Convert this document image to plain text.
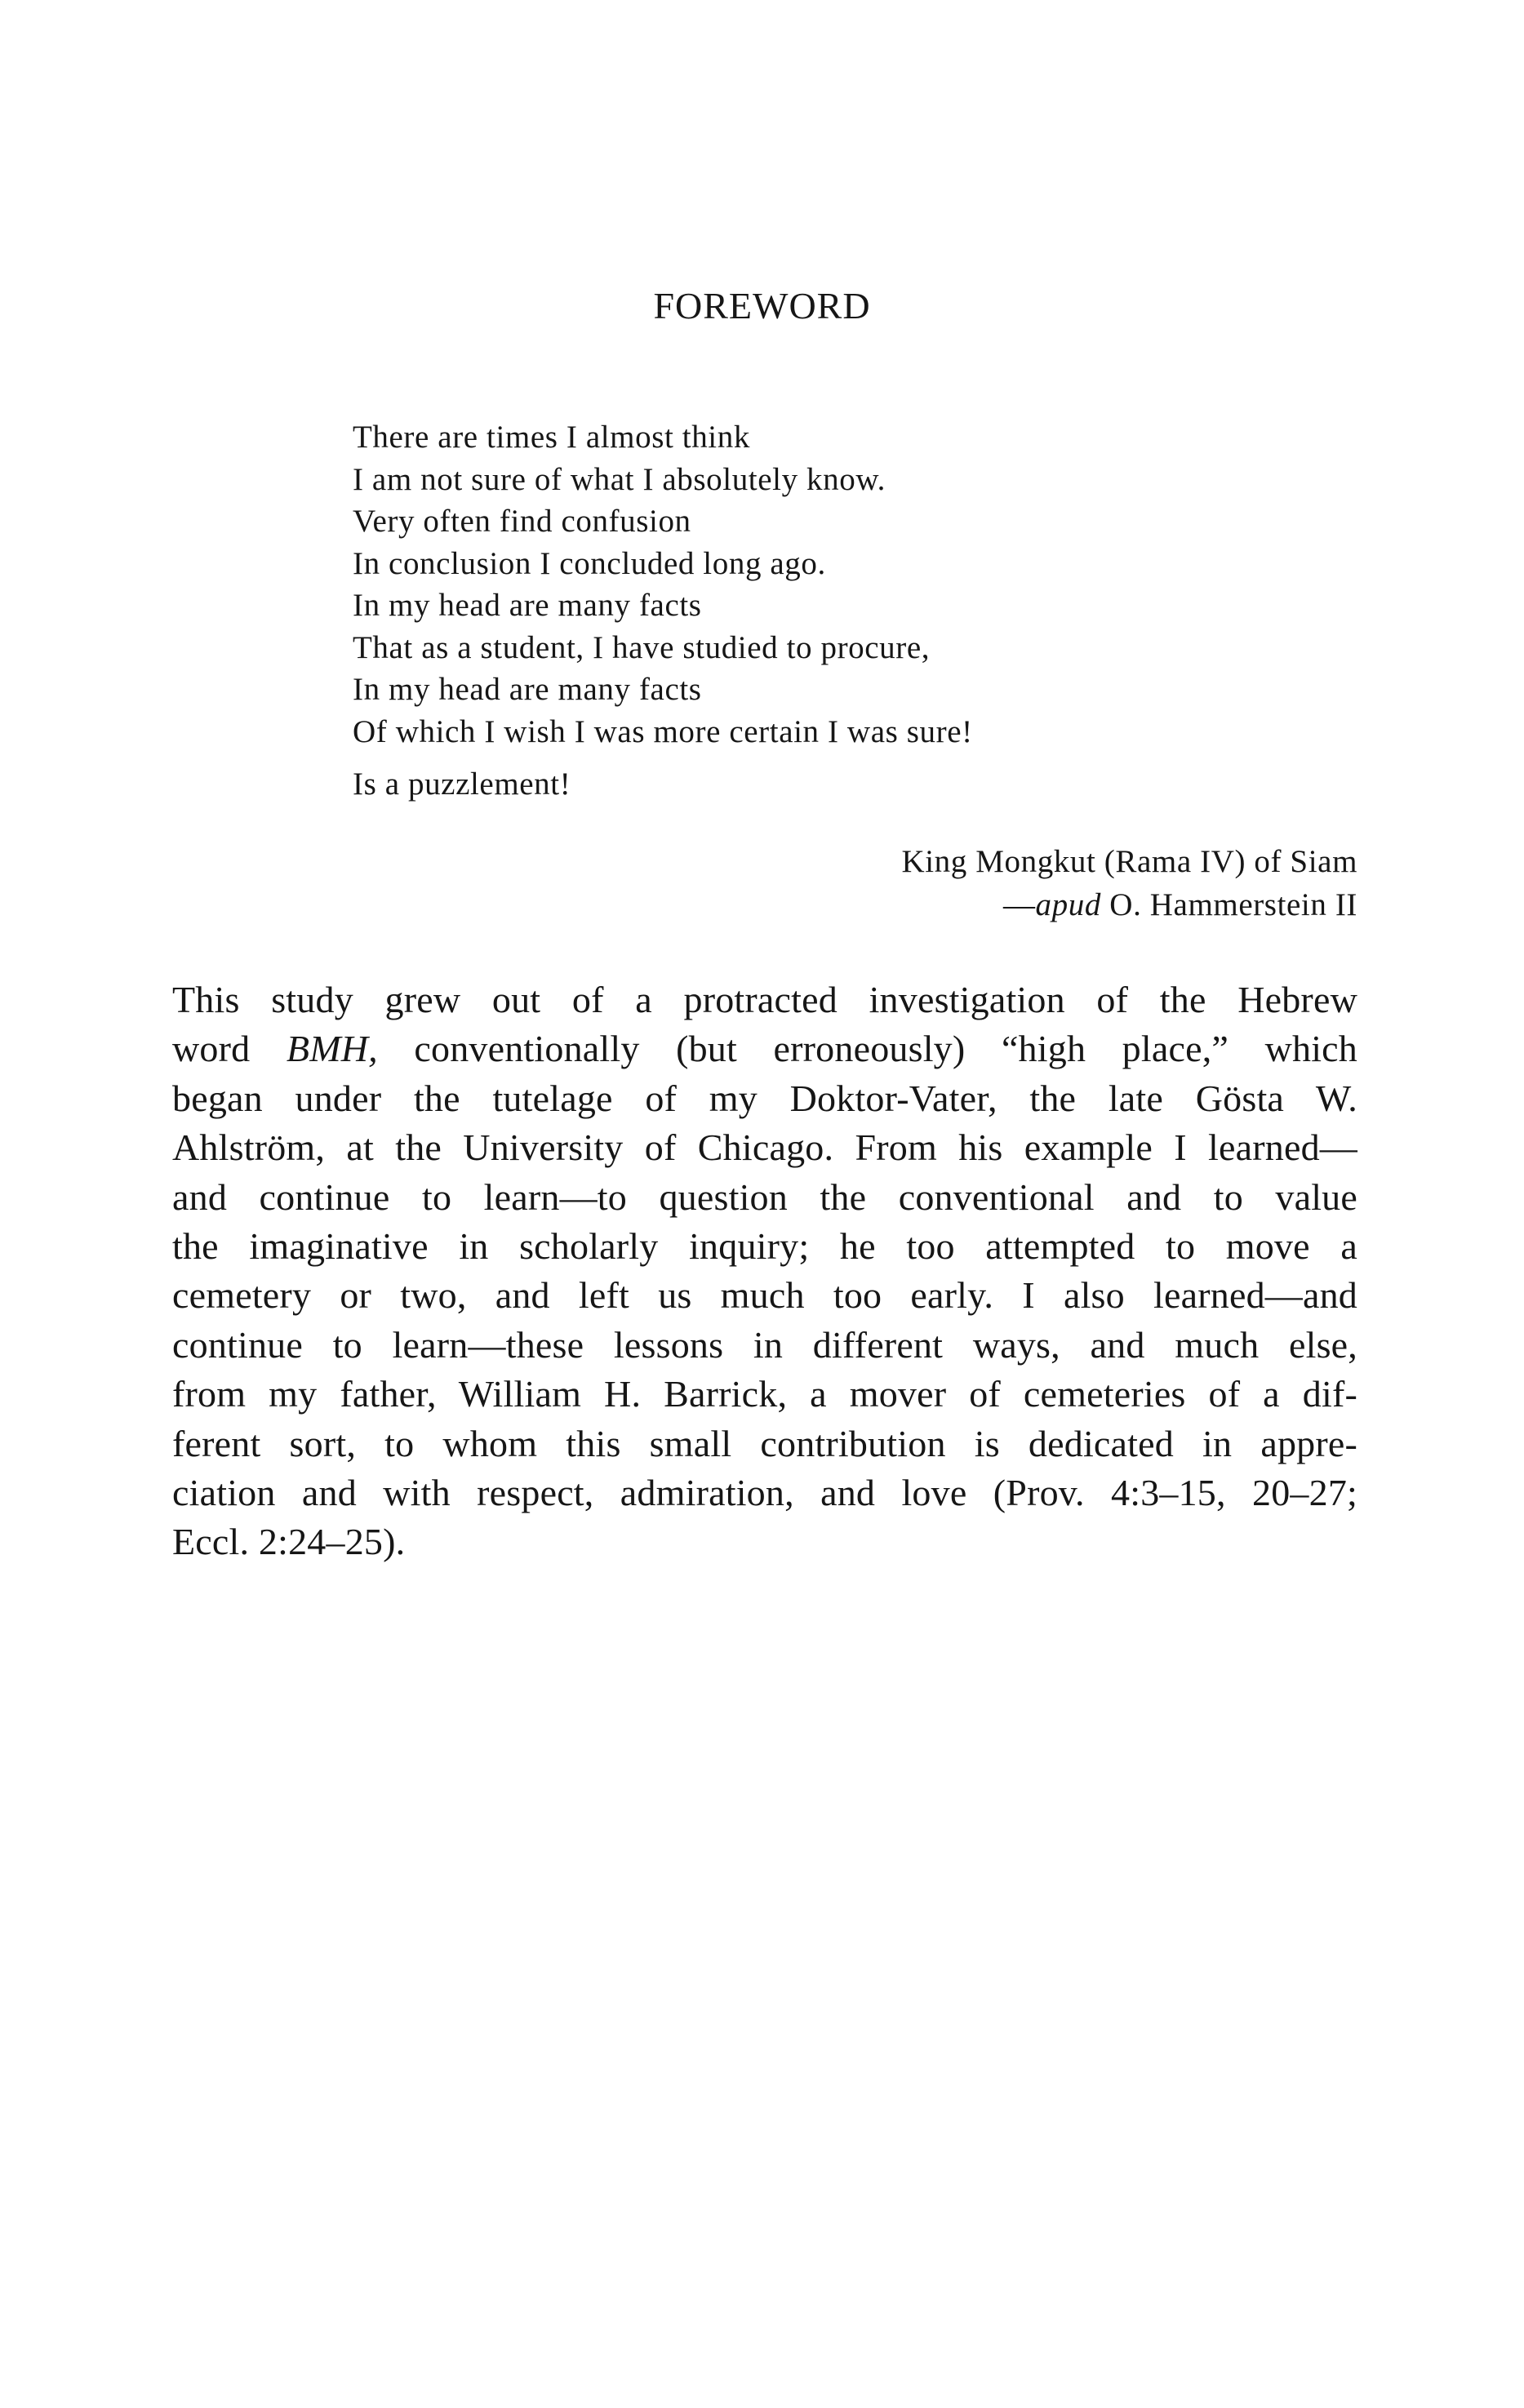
FOREWORD
There are times I almost think
I am not sure of what I absolutely know.
Very often find confusion
In conclusion I concluded long ago.
In my head are many facts
That as a student, I have studied to procure,
In my head are many facts
Of which I wish I was more certain I was sure!
Is a puzzlement!
King Mongkut (Rama IV) of Siam
—apud O. Hammerstein II
This study grew out of a protracted investigation of the Hebrew
word BMH, conventionally (but erroneously) “high place,” which
began under the tutelage of my Doktor-Vater, the late Gösta W.
Ahlström, at the University of Chicago. From his example I learned—
and continue to learn—to question the conventional and to value
the imaginative in scholarly inquiry; he too attempted to move a
cemetery or two, and left us much too early. I also learned—and
continue to learn—these lessons in different ways, and much else,
from my father, William H. Barrick, a mover of cemeteries of a dif-
ferent sort, to whom this small contribution is dedicated in appre-
ciation and with respect, admiration, and love (Prov. 4:3–15, 20–27;
Eccl. 2:24–25).
